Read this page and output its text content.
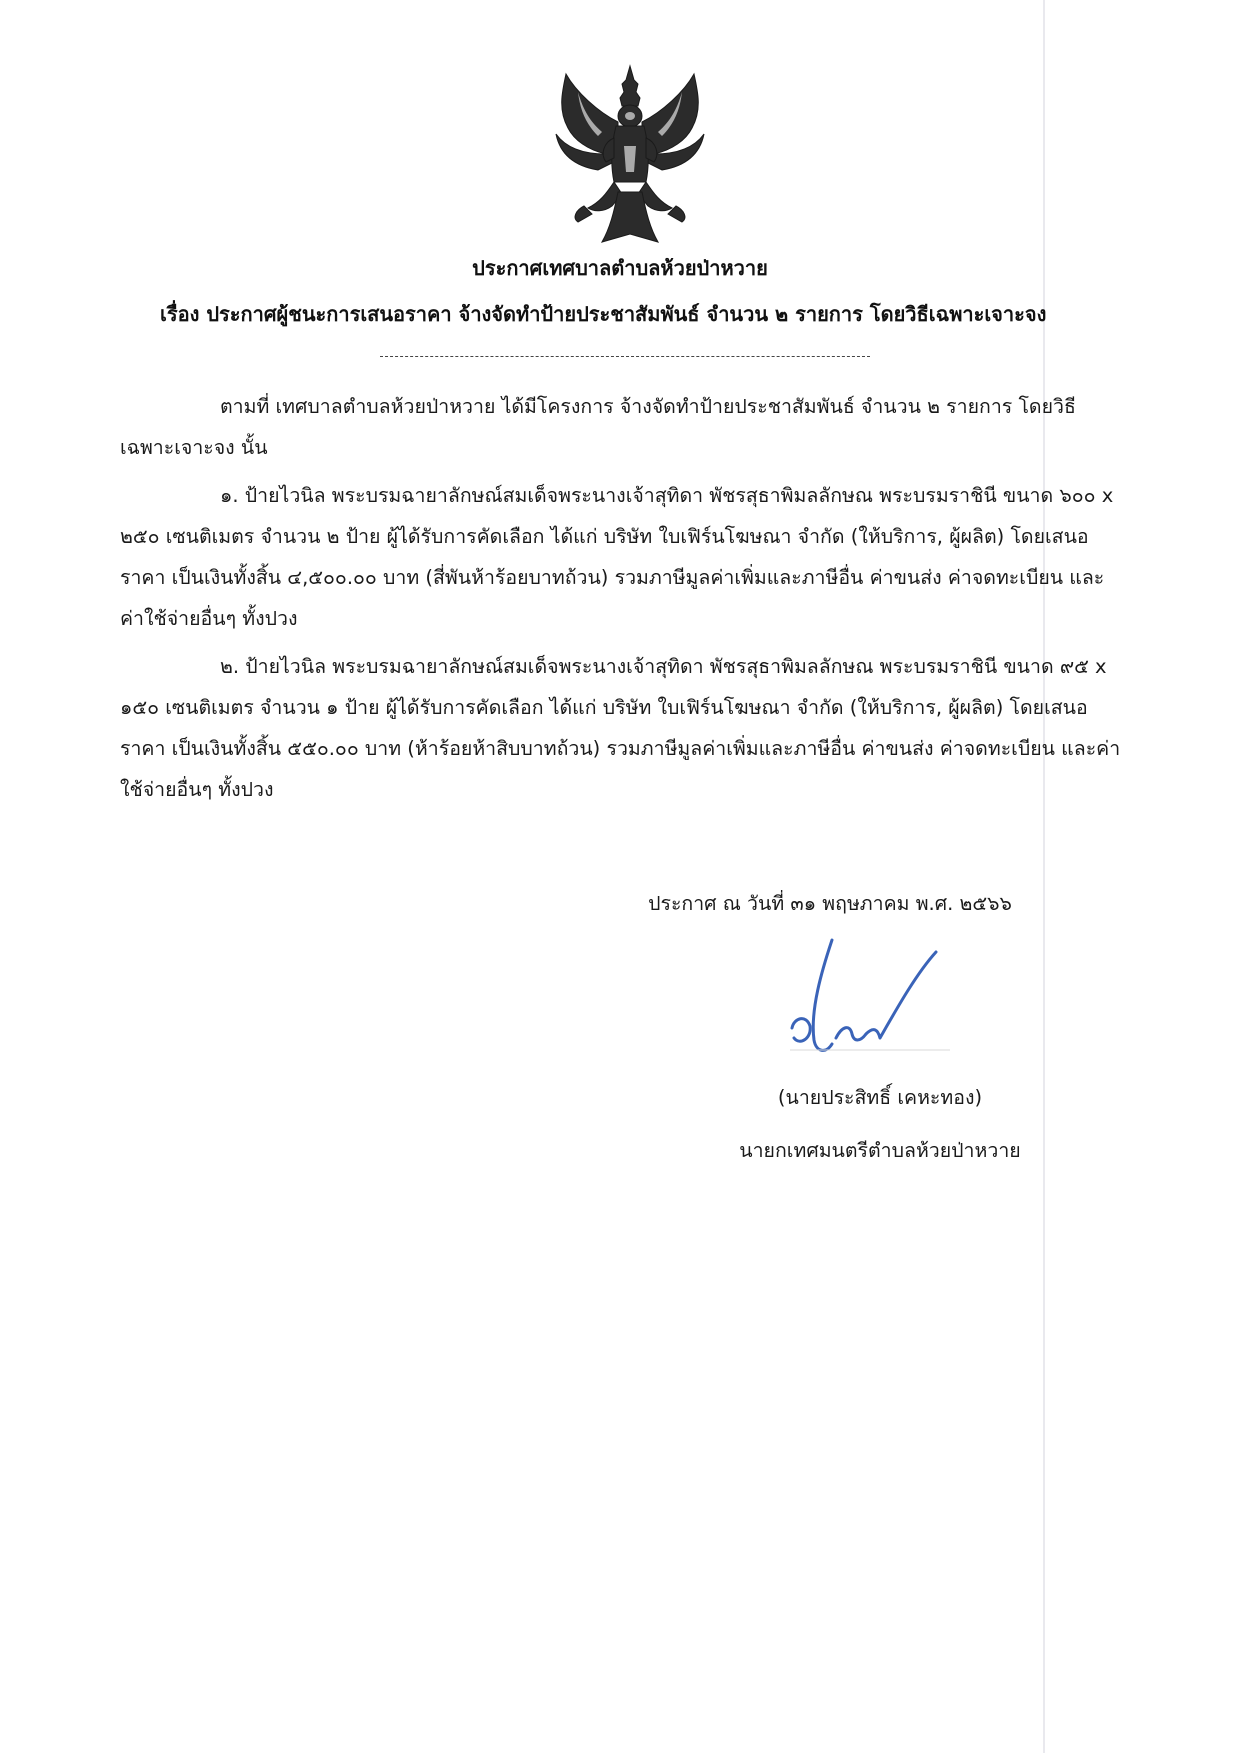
ประกาศเทศบาลตำบลห้วยป่าหวาย
เรื่อง ประกาศผู้ชนะการเสนอราคา จ้างจัดทำป้ายประชาสัมพันธ์ จำนวน ๒ รายการ โดยวิธีเฉพาะเจาะจง

ตามที่ เทศบาลตำบลห้วยป่าหวาย ได้มีโครงการ จ้างจัดทำป้ายประชาสัมพันธ์ จำนวน ๒ รายการ โดยวิธีเฉพาะเจาะจง นั้น

๑. ป้ายไวนิล พระบรมฉายาลักษณ์สมเด็จพระนางเจ้าสุทิดา พัชรสุธาพิมลลักษณ พระบรมราชินี ขนาด ๖๐๐ x ๒๕๐ เซนติเมตร จำนวน ๒ ป้าย ผู้ได้รับการคัดเลือก ได้แก่ บริษัท ใบเฟิร์นโฆษณา จำกัด (ให้บริการ, ผู้ผลิต) โดยเสนอราคา เป็นเงินทั้งสิ้น ๔,๕๐๐.๐๐ บาท (สี่พันห้าร้อยบาทถ้วน) รวมภาษีมูลค่าเพิ่มและภาษีอื่น ค่าขนส่ง ค่าจดทะเบียน และค่าใช้จ่ายอื่นๆ ทั้งปวง

๒. ป้ายไวนิล พระบรมฉายาลักษณ์สมเด็จพระนางเจ้าสุทิดา พัชรสุธาพิมลลักษณ พระบรมราชินี ขนาด ๙๕ x ๑๕๐ เซนติเมตร จำนวน ๑ ป้าย ผู้ได้รับการคัดเลือก ได้แก่ บริษัท ใบเฟิร์นโฆษณา จำกัด (ให้บริการ, ผู้ผลิต) โดยเสนอราคา เป็นเงินทั้งสิ้น ๕๕๐.๐๐ บาท (ห้าร้อยห้าสิบบาทถ้วน) รวมภาษีมูลค่าเพิ่มและภาษีอื่น ค่าขนส่ง ค่าจดทะเบียน และค่าใช้จ่ายอื่นๆ ทั้งปวง

ประกาศ ณ วันที่ ๓๑ พฤษภาคม พ.ศ. ๒๕๖๖
(นายประสิทธิ์ เคหะทอง)
นายกเทศมนตรีตำบลห้วยป่าหวาย
